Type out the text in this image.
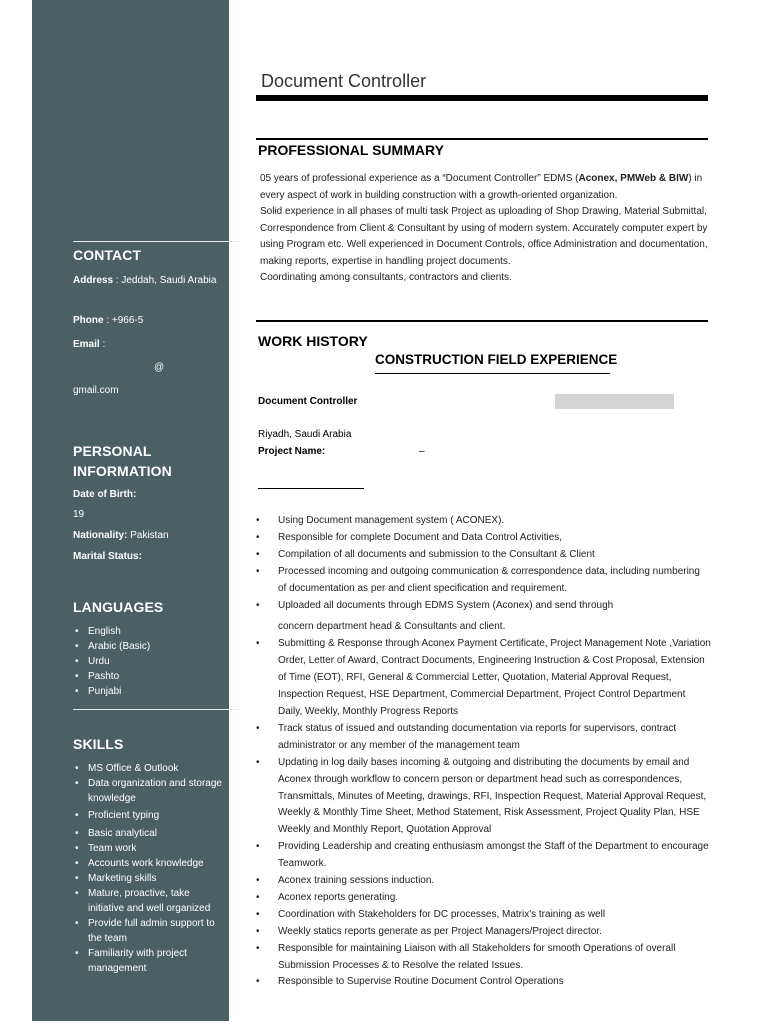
CONTACT
Address : Jeddah, Saudi Arabia
Phone : +966-5
Email :
@
gmail.com
PERSONAL
INFORMATION
Date of Birth:
19
Nationality: Pakistan
Marital Status:
LANGUAGES
• English
• Arabic (Basic)
• Urdu
• Pashto
• Punjabi
SKILLS
• MS Office & Outlook
• Data organization and storage knowledge
• Proficient typing
• Basic analytical
• Team work
• Accounts work knowledge
• Marketing skills
• Mature, proactive, take initiative and well organized
• Provide full admin support to the team
• Familiarity with project management
Document Controller
PROFESSIONAL SUMMARY

05 years of professional experience as a “Document Controller” EDMS (Aconex, PMWeb & BIW) in every aspect of work in building construction with a growth-oriented organization.

Solid experience in all phases of multi task Project as uploading of Shop Drawing, Material Submittal, Correspondence from Client & Consultant by using of modern system. Accurately computer expert by using Program etc. Well experienced in Document Controls, office Administration and documentation, making reports, expertise in handling project documents.

Coordinating among consultants, contractors and clients.

WORK HISTORY
CONSTRUCTION FIELD EXPERIENCE
Document Controller
Riyadh, Saudi Arabia
Project Name:	–
• Using Document management system ( ACONEX).
• Responsible for complete Document and Data Control Activities,
• Compilation of all documents and submission to the Consultant & Client
• Processed incoming and outgoing communication & correspondence data, including numbering of documentation as per and client specification and requirement.
• Uploaded all documents through EDMS System (Aconex) and send through
concern department head & Consultants and client.
• Submitting & Response through Aconex Payment Certificate, Project Management Note ,Variation Order, Letter of Award, Contract Documents, Engineering Instruction & Cost Proposal, Extension of Time (EOT), RFI, General & Commercial Letter, Quotation, Material Approval Request, Inspection Request, HSE Department, Commercial Department, Project Control Department Daily, Weekly, Monthly Progress Reports
• Track status of issued and outstanding documentation via reports for supervisors, contract administrator or any member of the management team
• Updating in log daily bases incoming & outgoing and distributing the documents by email and Aconex through workflow to concern person or department head such as correspondences, Transmittals, Minutes of Meeting, drawings, RFI, Inspection Request, Material Approval Request, Weekly & Monthly Time Sheet, Method Statement, Risk Assessment, Project Quality Plan, HSE Weekly and Monthly Report, Quotation Approval
• Providing Leadership and creating enthusiasm amongst the Staff of the Department to encourage Teamwork.
• Aconex training sessions induction.
• Aconex reports generating.
• Coordination with Stakeholders for DC processes, Matrix's training as well
• Weekly statics reports generate as per Project Managers/Project director.
• Responsible for maintaining Liaison with all Stakeholders for smooth Operations of overall Submission Processes & to Resolve the related Issues.
• Responsible to Supervise Routine Document Control Operations
